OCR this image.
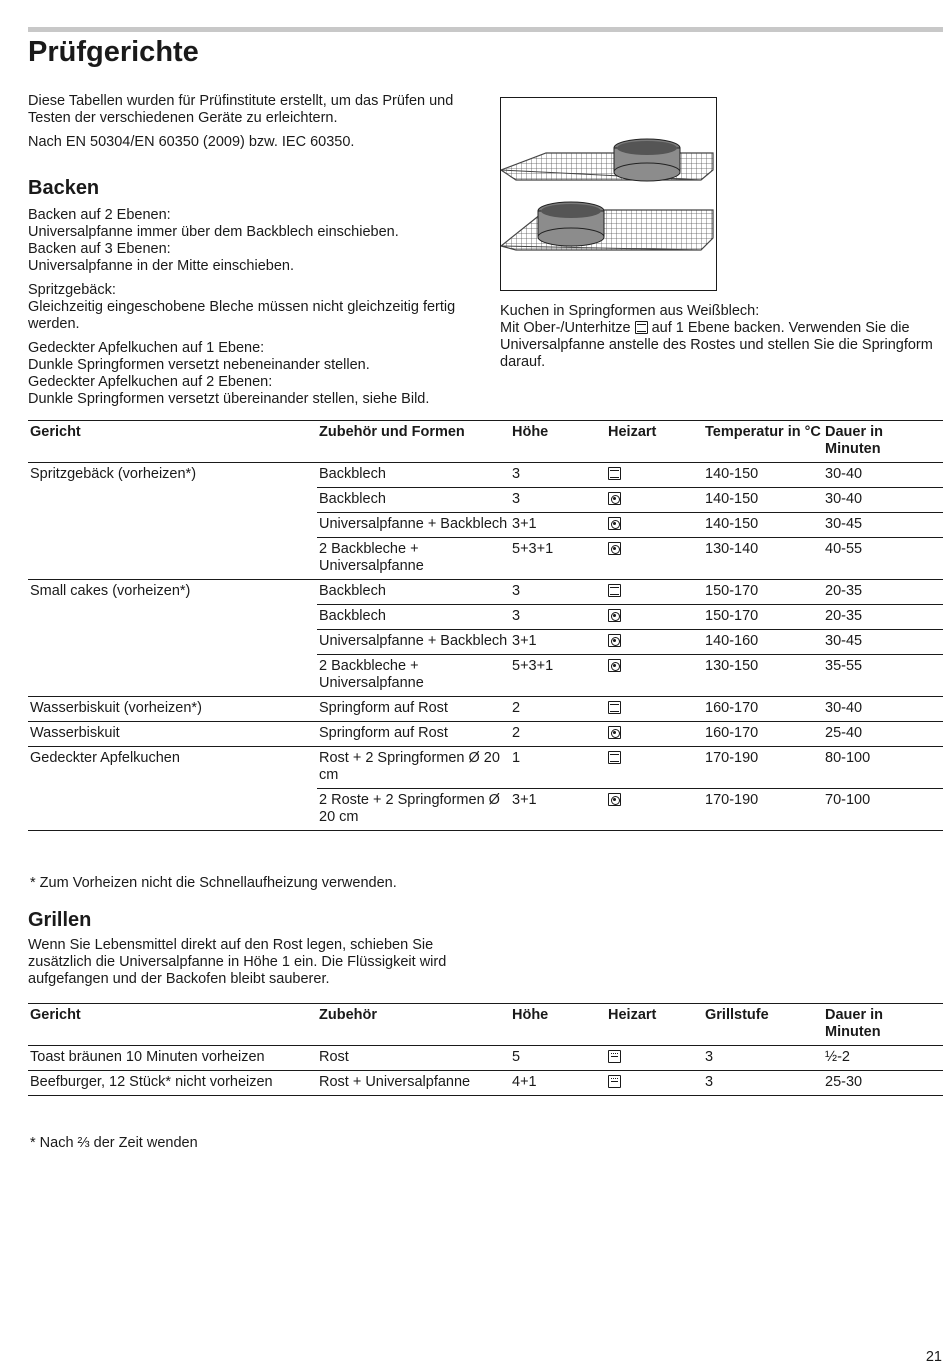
Prüfgerichte

Diese Tabellen wurden für Prüfinstitute erstellt, um das Prüfen und Testen der verschiedenen Geräte zu erleichtern.

Nach EN 50304/EN 60350 (2009) bzw. IEC 60350.

Backen
Backen auf 2 Ebenen:
Universalpfanne immer über dem Backblech einschieben.
Backen auf 3 Ebenen:
Universalpfanne in der Mitte einschieben.
Spritzgebäck:
Gleichzeitig eingeschobene Bleche müssen nicht gleichzeitig fertig werden.
Gedeckter Apfelkuchen auf 1 Ebene:
Dunkle Springformen versetzt nebeneinander stellen.
Gedeckter Apfelkuchen auf 2 Ebenen:
Dunkle Springformen versetzt übereinander stellen, siehe Bild.
Kuchen in Springformen aus Weißblech:
Mit Ober-/Unterhitze auf 1 Ebene backen. Verwenden Sie die Universalpfanne anstelle des Rostes und stellen Sie die Springform darauf.
Gericht	Zubehör und Formen	Höhe	Heizart	Temperatur in °C	Dauer in Minuten
Spritzgebäck (vorheizen*)	Backblech	3		140-150	30-40
	Backblech	3		140-150	30-40
	Universalpfanne + Backblech	3+1		140-150	30-45
	2 Backbleche + Universalpfanne	5+3+1		130-140	40-55
Small cakes (vorheizen*)	Backblech	3		150-170	20-35
	Backblech	3		150-170	20-35
	Universalpfanne + Backblech	3+1		140-160	30-45
	2 Backbleche + Universalpfanne	5+3+1		130-150	35-55
Wasserbiskuit (vorheizen*)	Springform auf Rost	2		160-170	30-40
Wasserbiskuit	Springform auf Rost	2		160-170	25-40
Gedeckter Apfelkuchen	Rost + 2 Springformen Ø 20 cm	1		170-190	80-100
	2 Roste + 2 Springformen Ø 20 cm	3+1		170-190	70-100

* Zum Vorheizen nicht die Schnellaufheizung verwenden.

Grillen

Wenn Sie Lebensmittel direkt auf den Rost legen, schieben Sie zusätzlich die Universalpfanne in Höhe 1 ein. Die Flüssigkeit wird aufgefangen und der Backofen bleibt sauberer.

Gericht	Zubehör	Höhe	Heizart	Grillstufe	Dauer in Minuten
Toast bräunen 10 Minuten vorheizen	Rost	5		3	½-2
Beefburger, 12 Stück* nicht vorheizen	Rost + Universalpfanne	4+1		3	25-30

* Nach ⅔ der Zeit wenden

21
